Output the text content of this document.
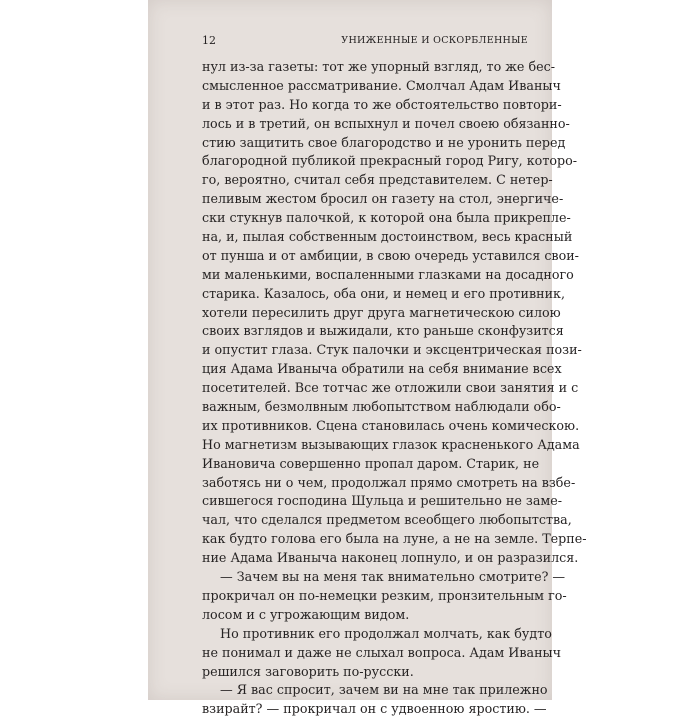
12	УНИЖЕННЫЕ И ОСКОРБЛЕННЫЕ
нул из-за газеты: тот же упорный взгляд, то же бес-
смысленное рассматривание. Смолчал Адам Иваныч
и в этот раз. Но когда то же обстоятельство повтори-
лось и в третий, он вспыхнул и почел своею обязанно-
стию защитить свое благородство и не уронить перед
благородной публикой прекрасный город Ригу, которо-
го, вероятно, считал себя представителем. С нетер-
пеливым жестом бросил он газету на стол, энергиче-
ски стукнув палочкой, к которой она была прикрепле-
на, и, пылая собственным достоинством, весь красный
от пунша и от амбиции, в свою очередь уставился свои-
ми маленькими, воспаленными глазками на досадного
старика. Казалось, оба они, и немец и его противник,
хотели пересилить друг друга магнетическою силою
своих взглядов и выжидали, кто раньше сконфузится
и опустит глаза. Стук палочки и эксцентрическая пози-
ция Адама Иваныча обратили на себя внимание всех
посетителей. Все тотчас же отложили свои занятия и с
важным, безмолвным любопытством наблюдали обо-
их противников. Сцена становилась очень комическою.
Но магнетизм вызывающих глазок красненького Адама
Ивановича совершенно пропал даром. Старик, не
заботясь ни о чем, продолжал прямо смотреть на взбе-
сившегося господина Шульца и решительно не заме-
чал, что сделался предметом всеобщего любопытства,
как будто голова его была на луне, а не на земле. Терпе-
ние Адама Иваныча наконец лопнуло, и он разразился.
— Зачем вы на меня так внимательно смотрите? —
прокричал он по-немецки резким, пронзительным го-
лосом и с угрожающим видом.
Но противник его продолжал молчать, как будто
не понимал и даже не слыхал вопроса. Адам Иваныч
решился заговорить по-русски.
— Я вас спросит, зачем ви на мне так прилежно
взирайт? — прокричал он с удвоенною яростию. —
